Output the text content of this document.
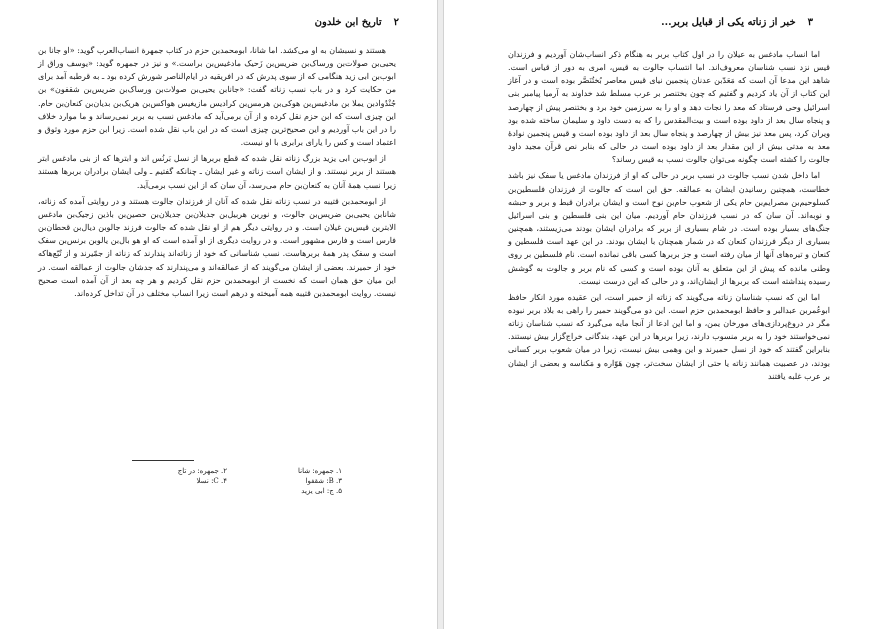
۲
تاریخ ابن خلدون

هستند و نسبشان به او می‌کشد. اما شانا، ابومحمدبن حزم در کتاب جمهرة انساب‌العرب گوید: «او جانا بن یحیی‌بن صولات‌بن ورساک‌بن ضریس‌بن زَحیک مادغیس‌بن براست.» و نیز در جمهره گوید: «یوسف وراق از ابوب‌بن ابی زید هنگامی که از سوی پدرش که در افریقیه در ایام‌الناصر شورش کرده بود ـ به قرطبه آمد برای من حکایت کرد و در باب نسب زناته گفت: «جانابن یحیی‌بن صولات‌بن ورساک‌بن ضریس‌بن شقفون» بن جُنْدُواد‌بن یملا بن مادغیس‌بن هوکی‌بن هرمس‌بن کرادیس مازیغیس هواکس‌بن هریک‌بن بدیان‌بن کنعان‌بن حام. این چیزی است که ابن حزم نقل کرده و از آن برمی‌آید که مادغس نسب به بربر نمی‌رساند و ما موارد خلاف را در این باب آوردیم و این صحیح‌ترین چیزی است که در این باب نقل شده است. زیرا ابن حزم مورد وثوق و اعتماد است و کس را یارای برابری با او نیست.

از ابوب‌بن ابی یزید بزرگ زناته نقل شده که قطع بربرها از نسل بَرنُس اند و ابترها که از بنی مادغس ابتر هستند از بربر نیستند. و از ایشان است زناته و غیر ایشان ـ چنانکه گفتیم ـ ولی ایشان برادران بربرها هستند زیرا نسب همهٔ آنان به کنعان‌بن حام می‌رسد، آن سان که از این نسب برمی‌آید.

از ابومحمدبن قتیبه در نسب زناته نقل شده که آنان از فرزندان جالوت هستند و در روایتی آمده که زناته، شانابن یحیی‌بن ضریس‌بن جالوت، و نوربن هربیل‌بن جدیلان‌بن جدیلان‌بن حصین‌بن باذین زجیک‌بن مادغس الابتربن قیس‌بن غیلان است. و در روایتی دیگر هم از او نقل شده که جالوت فرزند جالوبن دیال‌بن قحطان‌بن فارس است و فارس مشهور است. و در روایت دیگری از او آمده است که او هو بال‌بن یالوبن برنس‌بن سفک است و سفک پدر همهٔ بربرهاست. نسب شناسانی که خود از زناته‌اند پندارند که زناته از جمّیرند و از تُبّع‌هاکه خود از حمیرند. بعضی از ایشان می‌گویند که از عمالقه‌اند و می‌پندارند که جدشان جالوت از عمالقه است. در این میان حق همان است که نخست از ابومحمدبن حزم نقل کردیم و هر چه بعد از آن آمده است صحیح نیست. روایت ابومحمدبن قتیبه همه آمیخته و درهم است زیرا انساب مختلف در آن تداخل کرده‌اند.

۱. جمهره: شانا
۲. جمهره: در تاج
۳. B: شقفوا
۴. C: نسلا
۵. ج: ابی یزید
۳
خبر از زناته یکی از قبایل بربر...

اما انساب مادغس به عیلان را در اول کتاب بربر به هنگام ذکر انساب‌شان آوردیم و فرزندان قیس نزد نسب شناسان معروف‌اند. اما انتساب جالوت به قیس، امری به دور از قیاس است. شاهد این مدعا آن است که مَعَدّبن عدنان پنجمین نیای قیس معاصر بُختُنَصَّر بوده است و در آغاز این کتاب از آن یاد کردیم و گفتیم که چون بختنصر بر عرب مسلط شد خداوند به آرمیا پیامبر بنی اسرائیل وحی فرستاد که معد را نجات دهد و او را به سرزمین خود برد و بختنصر پیش از چهارصد و پنجاه سال بعد از داود بوده است و بیت‌المقدس را که به دست داود و سلیمان ساخته شده بود ویران کرد، پس معد نیز بیش از چهارصد و پنجاه سال بعد از داود بوده است و قیس پنجمین نوادهٔ معد به مدتی بیش از این مقدار بعد از داود بوده است در حالی که بنابر نص قرآن مجید داود جالوت را کشته است چگونه می‌توان جالوت نسب به قیس رساند؟

اما داخل شدن نسب جالوت در نسب بربر در حالی که او از فرزندان مادغس یا سفک نیز باشد خطاست، همچنین رسانیدن ایشان به عمالقه. حق این است که جالوت از فرزندان فلسطین‌بن کسلوحیم‌بن مصرایم‌بن حام یکی از شعوب حام‌بن نوح است و ایشان برادران قبط و بربر و حبشه و نوبه‌اند. آن سان که در نسب فرزندان حام آوردیم. میان این بنی فلسطین و بنی اسرائیل جنگ‌های بسیار بوده است. در شام بسیاری از بربر که برادران ایشان بودند می‌زیستند، همچنین بسیاری از دیگر فرزندان کنعان که در شمار همچنان با ایشان بودند. در این عهد است فلسطین و کنعان و تیره‌های آنها از میان رفته است و جز بربرها کسی باقی نمانده است. نام فلسطین بر روی وطنی مانده که پیش از این متعلق به آنان بوده است و کسی که نام بربر و جالوت به گوشش رسیده پنداشته است که بربرها از ایشان‌اند، و در حالی که این درست نیست.

اما این که نسب شناسان زناته می‌گویند که زناته از حمیر است، این عقیده مورد انکار حافظ ابوعُمربن عبدالبر و حافظ ابومحمدبن حزم است. این دو می‌گویند حمیر را راهی به بلاد بربر نبوده مگر در دروغ‌پردازی‌های مورخان یمن، و اما این ادعا از آنجا مایه می‌گیرد که نسب شناسان زناته نمی‌خواستند خود را به بربر منسوب دارند، زیرا بربرها در این عهد، بندگانی خراج‌گزار بیش نیستند. بنابراین گفتند که خود از نسل حمیرند و این وهمی بیش نیست، زیرا در میان شعوب بربر کسانی بودند، در عصبیت همانند زناته یا حتی از ایشان سخت‌تر، چون هَوّاره و مَکناسه و بعضی از ایشان بر عرب غلبه یافتند
